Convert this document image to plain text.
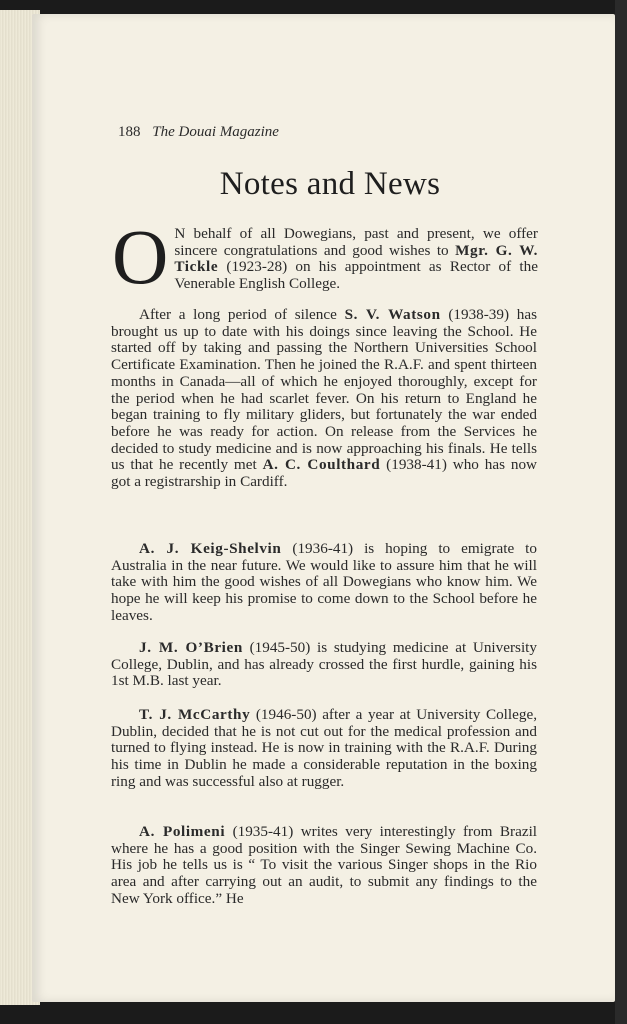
188 The Douai Magazine
Notes and News
O N behalf of all Dowegians, past and present, we offer sincere congratulations and good wishes to Mgr. G. W. Tickle (1923-28) on his appointment as Rector of the Venerable English College.
After a long period of silence S. V. Watson (1938-39) has brought us up to date with his doings since leaving the School. He started off by taking and passing the Northern Universities School Certificate Examination. Then he joined the R.A.F. and spent thirteen months in Canada—all of which he enjoyed thoroughly, except for the period when he had scarlet fever. On his return to England he began training to fly military gliders, but fortunately the war ended before he was ready for action. On release from the Services he decided to study medicine and is now approaching his finals. He tells us that he recently met A. C. Coulthard (1938-41) who has now got a registrarship in Cardiff.
A. J. Keig-Shelvin (1936-41) is hoping to emigrate to Australia in the near future. We would like to assure him that he will take with him the good wishes of all Dowegians who know him. We hope he will keep his promise to come down to the School before he leaves.
J. M. O’Brien (1945-50) is studying medicine at University College, Dublin, and has already crossed the first hurdle, gaining his 1st M.B. last year.
T. J. McCarthy (1946-50) after a year at University College, Dublin, decided that he is not cut out for the medical profession and turned to flying instead. He is now in training with the R.A.F. During his time in Dublin he made a considerable reputation in the boxing ring and was successful also at rugger.
A. Polimeni (1935-41) writes very interestingly from Brazil where he has a good position with the Singer Sewing Machine Co. His job he tells us is “ To visit the various Singer shops in the Rio area and after carrying out an audit, to submit any findings to the New York office.” He
